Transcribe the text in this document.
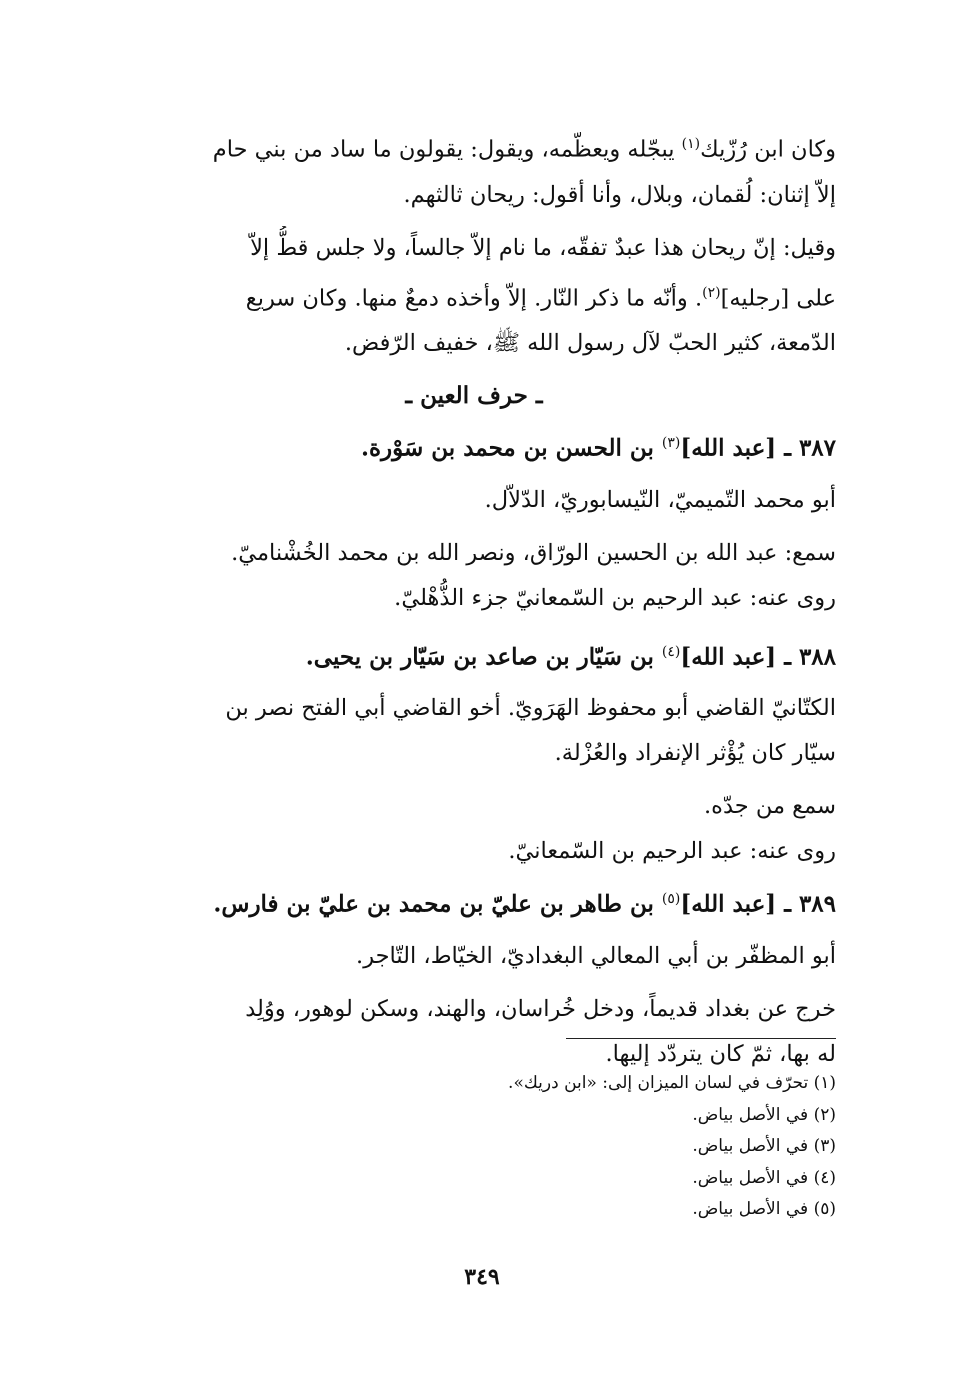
وكان ابن رُزّيك$^{(١)}$ يبجّله ويعظّمه، ويقول: يقولون ما ساد من بني حام
إلاّ إثنان: لُقمان، وبلال، وأنا أقول: ريحان ثالثهم.
وقيل: إنّ ريحان هذا عبدٌ تفقّه، ما نام إلاّ جالساً، ولا جلس قطُّ إلاّ
على [رجليه]$^{(٢)}$. وأنّه ما ذكر النّار. إلاّ وأخذه دمعٌ منها. وكان سريع
الدّمعة، كثير الحبّ لآل رسول الله ﷺ، خفيف الرّفض.
ـ حرف العين ـ
٣٨٧ ـ [عبد الله]$^{(٣)}$ بن الحسن بن محمد بن سَوْرة.
أبو محمد التّميميّ، النّيسابوريّ، الدّلاّل.
سمع: عبد الله بن الحسين الورّاق، ونصر الله بن محمد الخُشْناميّ.
روى عنه: عبد الرحيم بن السّمعانيّ جزء الذُّهْليّ.
٣٨٨ ـ [عبد الله]$^{(٤)}$ بن سَيّار بن صاعد بن سَيّار بن يحيى.
الكتّانيّ القاضي أبو محفوظ الهَرَويّ. أخو القاضي أبي الفتح نصر بن
سيّار كان يُؤْثر الإنفراد والعُزْلة.
سمع من جدّه.
روى عنه: عبد الرحيم بن السّمعانيّ.
٣٨٩ ـ [عبد الله]$^{(٥)}$ بن طاهر بن عليّ بن محمد بن عليّ بن فارس.
أبو المظفّر بن أبي المعالي البغداديّ، الخيّاط، التّاجر.
خرج عن بغداد قديماً، ودخل خُراسان، والهند، وسكن لوهور، ووُلِد
له بها، ثمّ كان يتردّد إليها.
(١) تحرّف في لسان الميزان إلى: «ابن دريك».
(٢) في الأصل بياض.
(٣) في الأصل بياض.
(٤) في الأصل بياض.
(٥) في الأصل بياض.
٣٤٩
